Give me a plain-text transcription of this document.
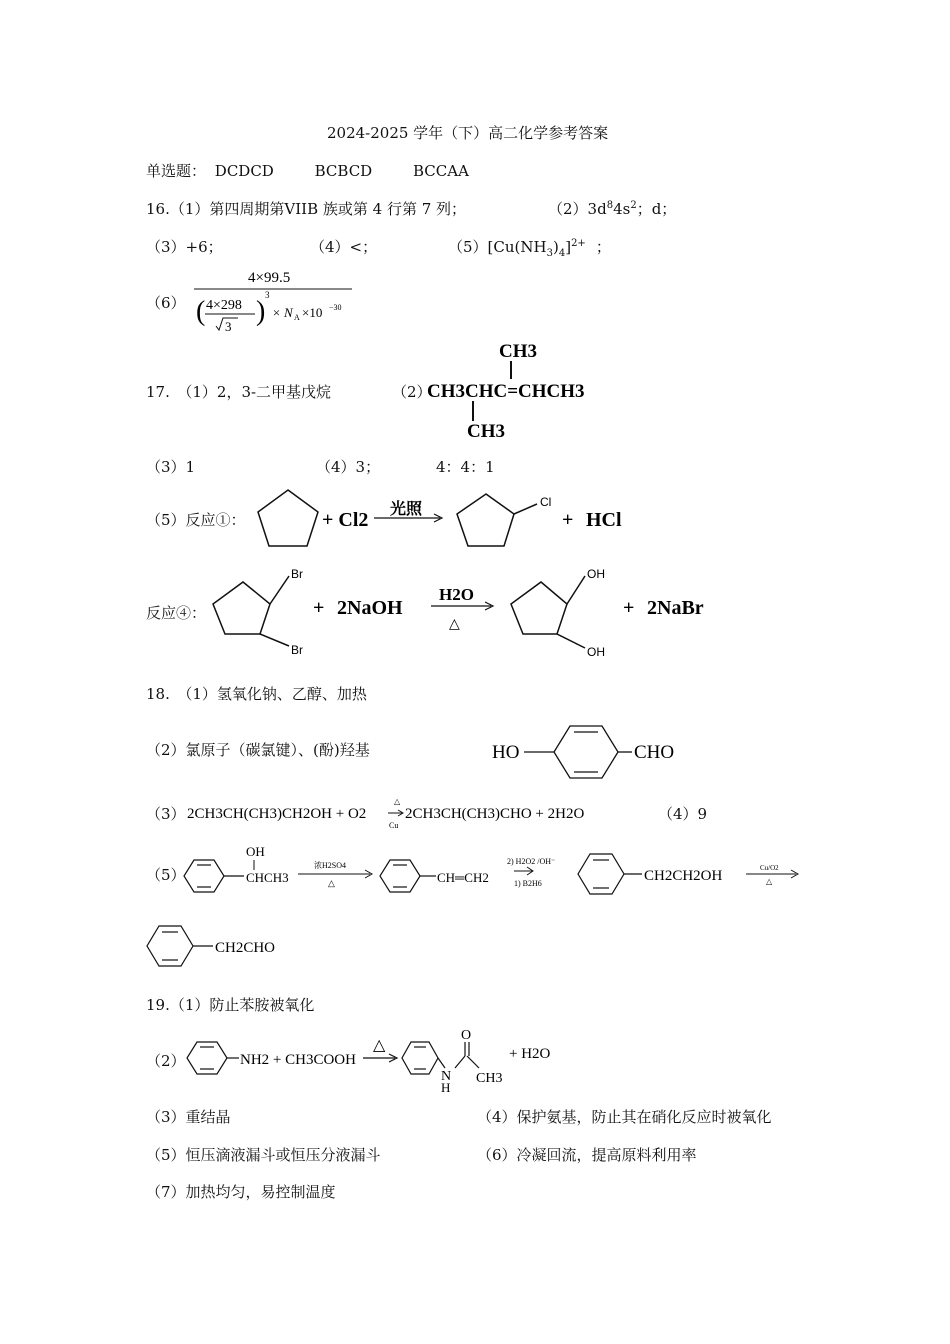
2024-2025 学年（下）高二化学参考答案
单选题： DCDCD	BCBCD	BCCAA
16.（1）第四周期第VIIB 族或第 4 行第 7 列；	$(2)3d^84s^2$；d；
（3）+6；	（4）<；	$(5)[Cu(NH_3)_4]^{2+}$ ；
（6）
4×99.5
( 4×298
3 )
3
× N A ×10 −30
17.　（1）2，3-二甲基戊烷	（2）
CH3
CH3CHC=CHCH3
CH3
（3）1	（4）3；	4：4：1
（5）反应①：	+ Cl2 光照	Cl
+ HCl
反应④：
Br
Br
+ 2NaOH
H2O
△
OH
OH
+ 2NaBr
18.　（1）氢氧化钠、乙醇、加热
（2）氯原子（碳氯键）、(酚)羟基	HO	CHO
（3） 2CH3CH(CH3)CH2OH + O2
△
Cu
2CH3CH(CH3)CHO + 2H2O	（4）9
（5）
OH
CHCH3
浓H2SO4
△	CH═CH2
2) H2O2 /OH⁻
1) B2H6	CH2CH2OH	Cu/O2
△
CH2CHO
19.（1）防止苯胺被氧化
（2）	NH2 + CH3COOH
△
N
H
O
CH3
+ H2O
（3）重结晶	（4）保护氨基，防止其在硝化反应时被氧化
（5）恒压滴液漏斗或恒压分液漏斗	（6）冷凝回流，提高原料利用率
（7）加热均匀，易控制温度
